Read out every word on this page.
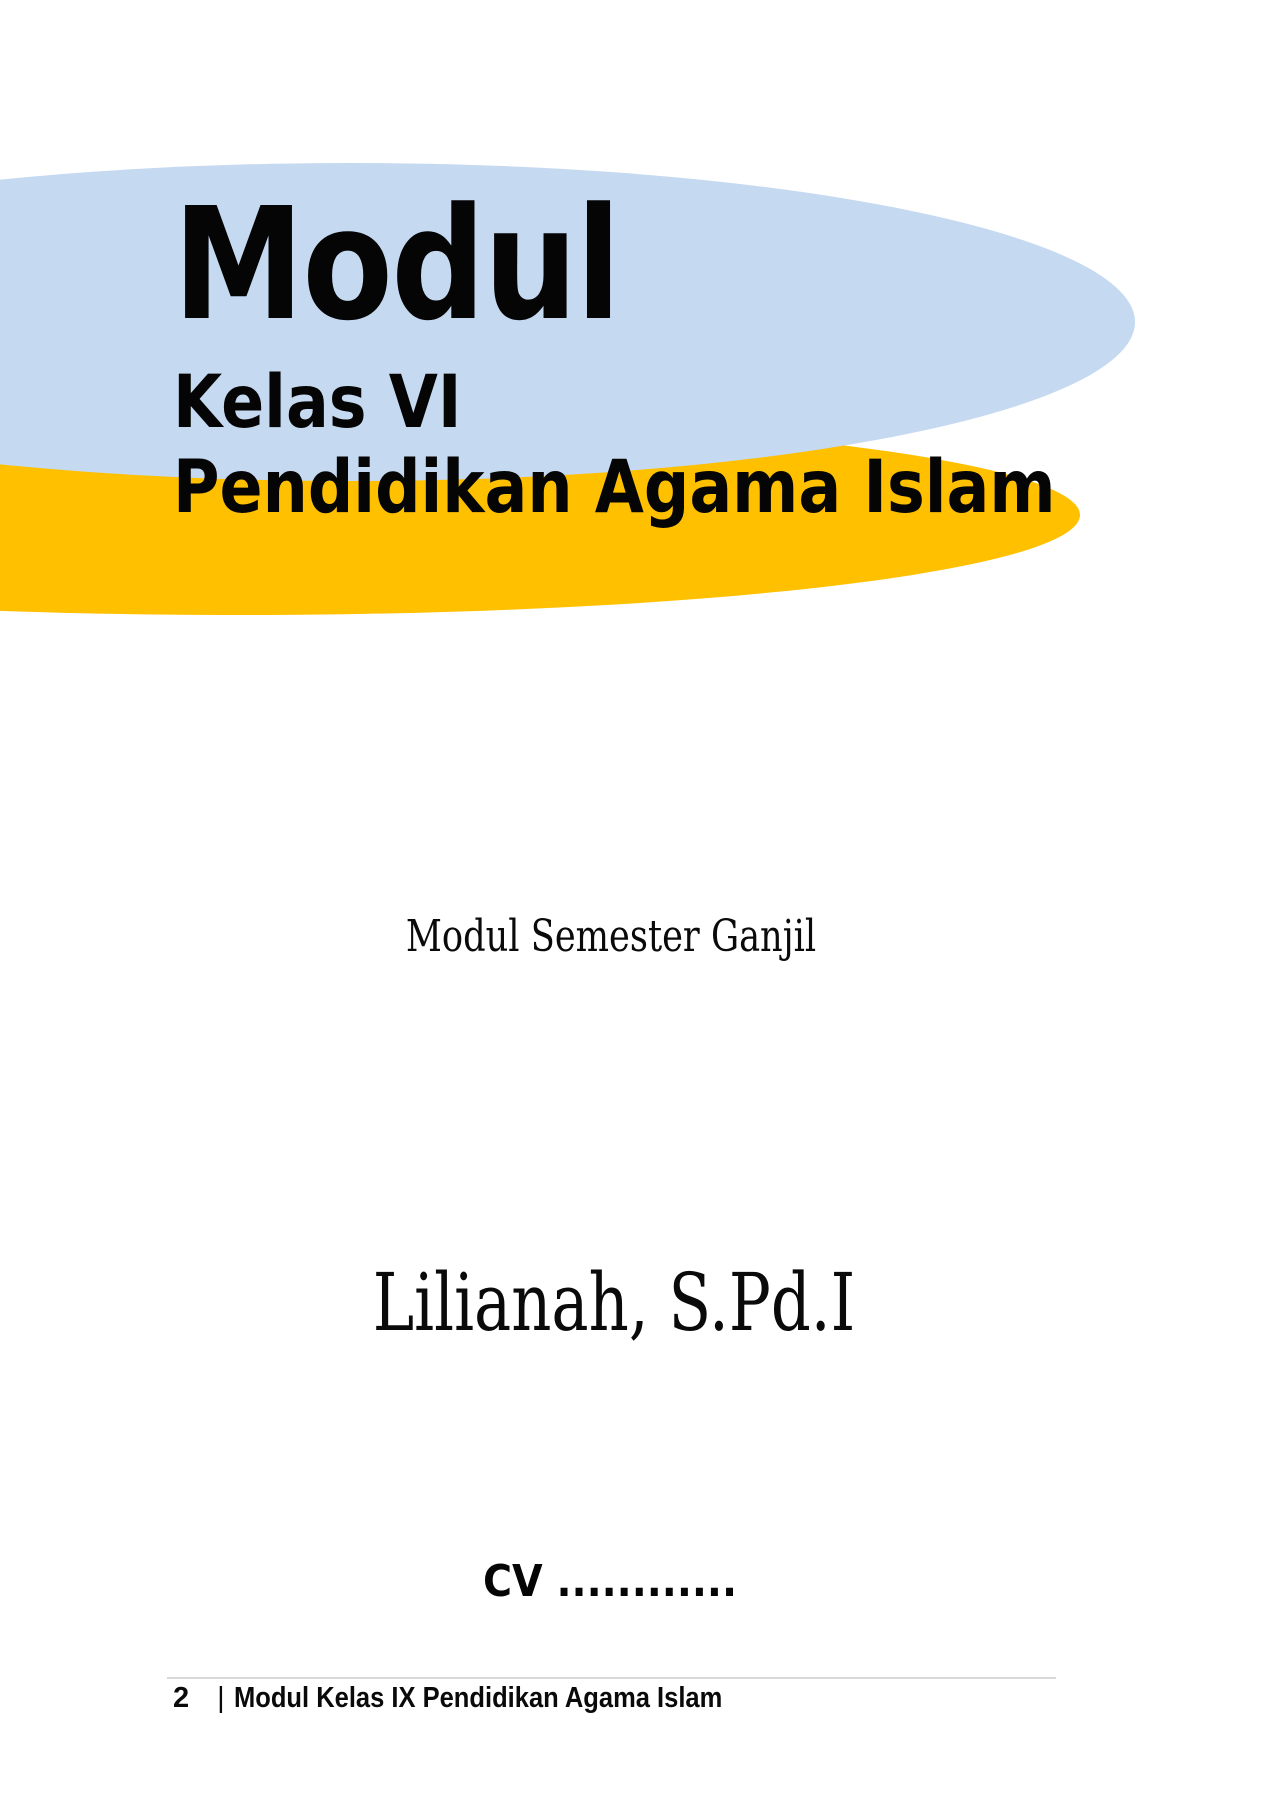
Modul
Kelas VI
Pendidikan Agama Islam
Modul Semester Ganjil
Lilianah, S.Pd.I
CV ............
2 | Modul Kelas IX Pendidikan Agama Islam
